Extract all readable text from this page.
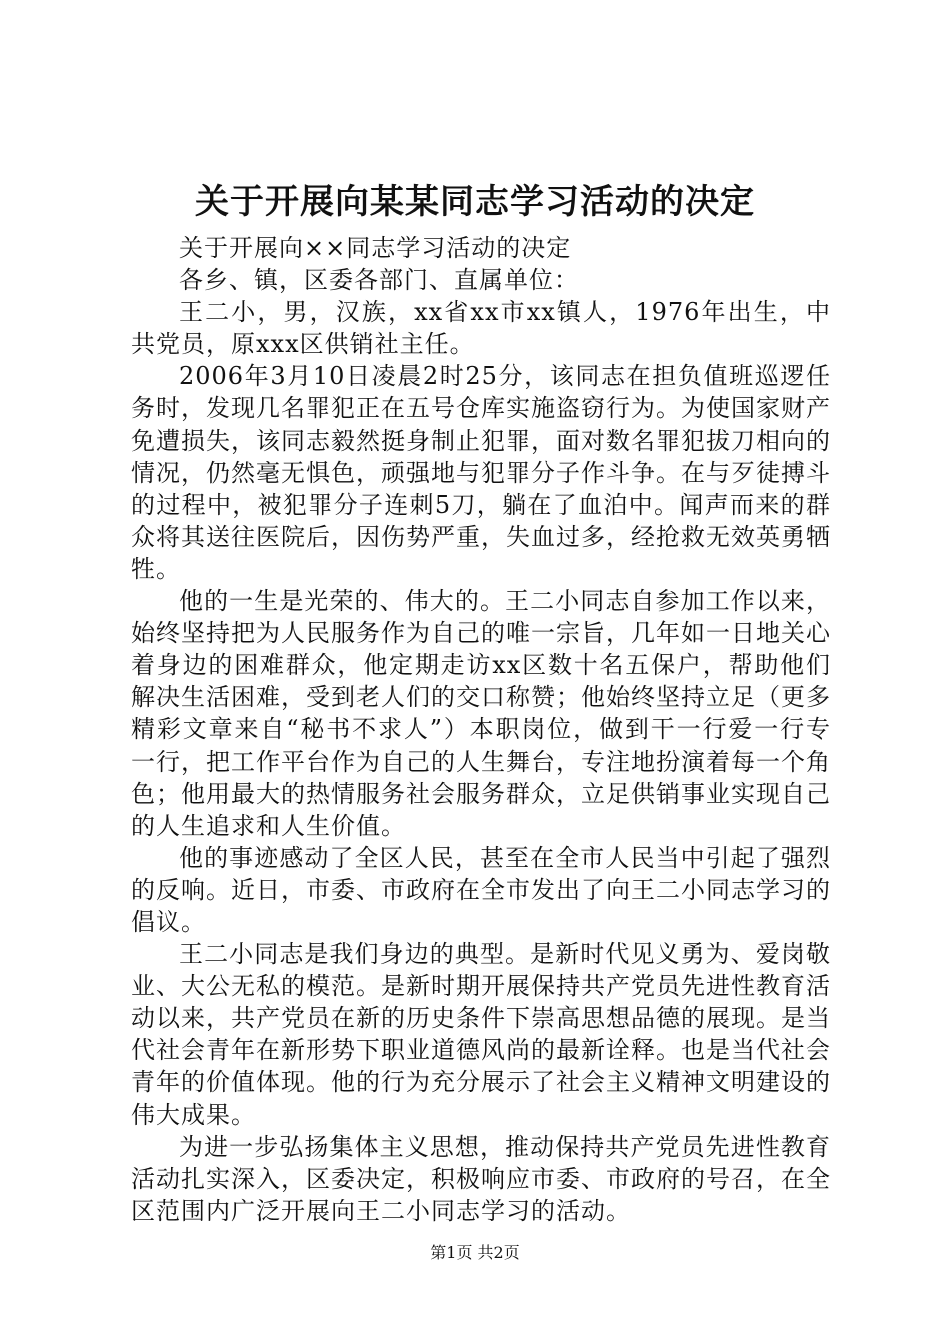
关于开展向某某同志学习活动的决定

关于开展向××同志学习活动的决定

各乡、镇，区委各部门、直属单位：

王二小，男，汉族，xx省xx市xx镇人，1976年出生，中共党员，原xxx区供销社主任。

2006年3月10日凌晨2时25分，该同志在担负值班巡逻任务时，发现几名罪犯正在五号仓库实施盗窃行为。为使国家财产免遭损失，该同志毅然挺身制止犯罪，面对数名罪犯拔刀相向的情况，仍然毫无惧色，顽强地与犯罪分子作斗争。在与歹徒搏斗的过程中，被犯罪分子连刺5刀，躺在了血泊中。闻声而来的群众将其送往医院后，因伤势严重，失血过多，经抢救无效英勇牺牲。

他的一生是光荣的、伟大的。王二小同志自参加工作以来，始终坚持把为人民服务作为自己的唯一宗旨，几年如一日地关心着身边的困难群众，他定期走访xx区数十名五保户，帮助他们解决生活困难，受到老人们的交口称赞；他始终坚持立足（更多精彩文章来自“秘书不求人”）本职岗位，做到干一行爱一行专一行，把工作平台作为自己的人生舞台，专注地扮演着每一个角色；他用最大的热情服务社会服务群众，立足供销事业实现自己的人生追求和人生价值。

他的事迹感动了全区人民，甚至在全市人民当中引起了强烈的反响。近日，市委、市政府在全市发出了向王二小同志学习的倡议。

王二小同志是我们身边的典型。是新时代见义勇为、爱岗敬业、大公无私的模范。是新时期开展保持共产党员先进性教育活动以来，共产党员在新的历史条件下崇高思想品德的展现。是当代社会青年在新形势下职业道德风尚的最新诠释。也是当代社会青年的价值体现。他的行为充分展示了社会主义精神文明建设的伟大成果。

为进一步弘扬集体主义思想，推动保持共产党员先进性教育活动扎实深入，区委决定，积极响应市委、市政府的号召，在全区范围内广泛开展向王二小同志学习的活动。

第1页 共2页
